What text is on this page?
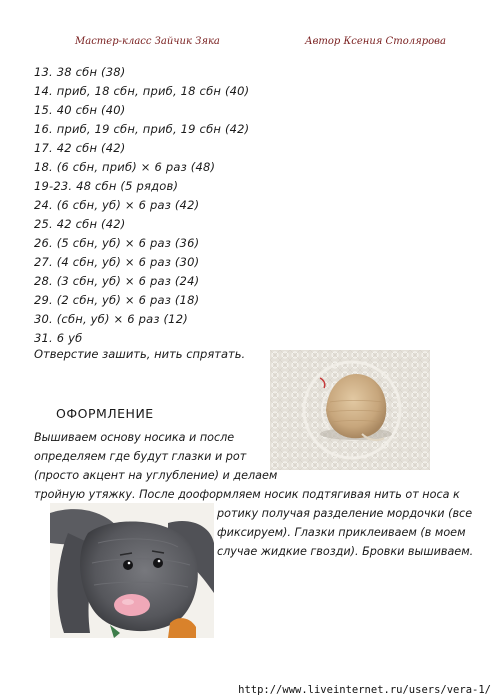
Мастер-класс Зайчик Зяка	Автор Ксения Столярова
13. 38 сбн (38)
14. приб, 18 сбн, приб, 18 сбн (40)
15. 40 сбн (40)
16. приб, 19 сбн, приб, 19 сбн (42)
17. 42 сбн (42)
18. (6 сбн, приб) × 6 раз (48)
19-23. 48 сбн (5 рядов)
24. (6 сбн, уб) × 6 раз (42)
25. 42 сбн (42)
26. (5 сбн, уб) × 6 раз (36)
27. (4 сбн, уб) × 6 раз (30)
28. (3 сбн, уб) × 6 раз (24)
29. (2 сбн, уб) × 6 раз (18)
30. (сбн, уб) × 6 раз (12)
31. 6 уб
Отверстие зашить, нить спрятать.
ОФОРМЛЕНИЕ
Вышиваем основу носика и после
определяем где будут глазки и рот
(просто акцент на углубление) и делаем
тройную утяжку. После дооформляем носик подтягивая нить от носа к
ротику получая разделение мордочки (все
фиксируем). Глазки приклеиваем (в моем
случае жидкие гвозди). Бровки вышиваем.
http://www.liveinternet.ru/users/vera-1/
